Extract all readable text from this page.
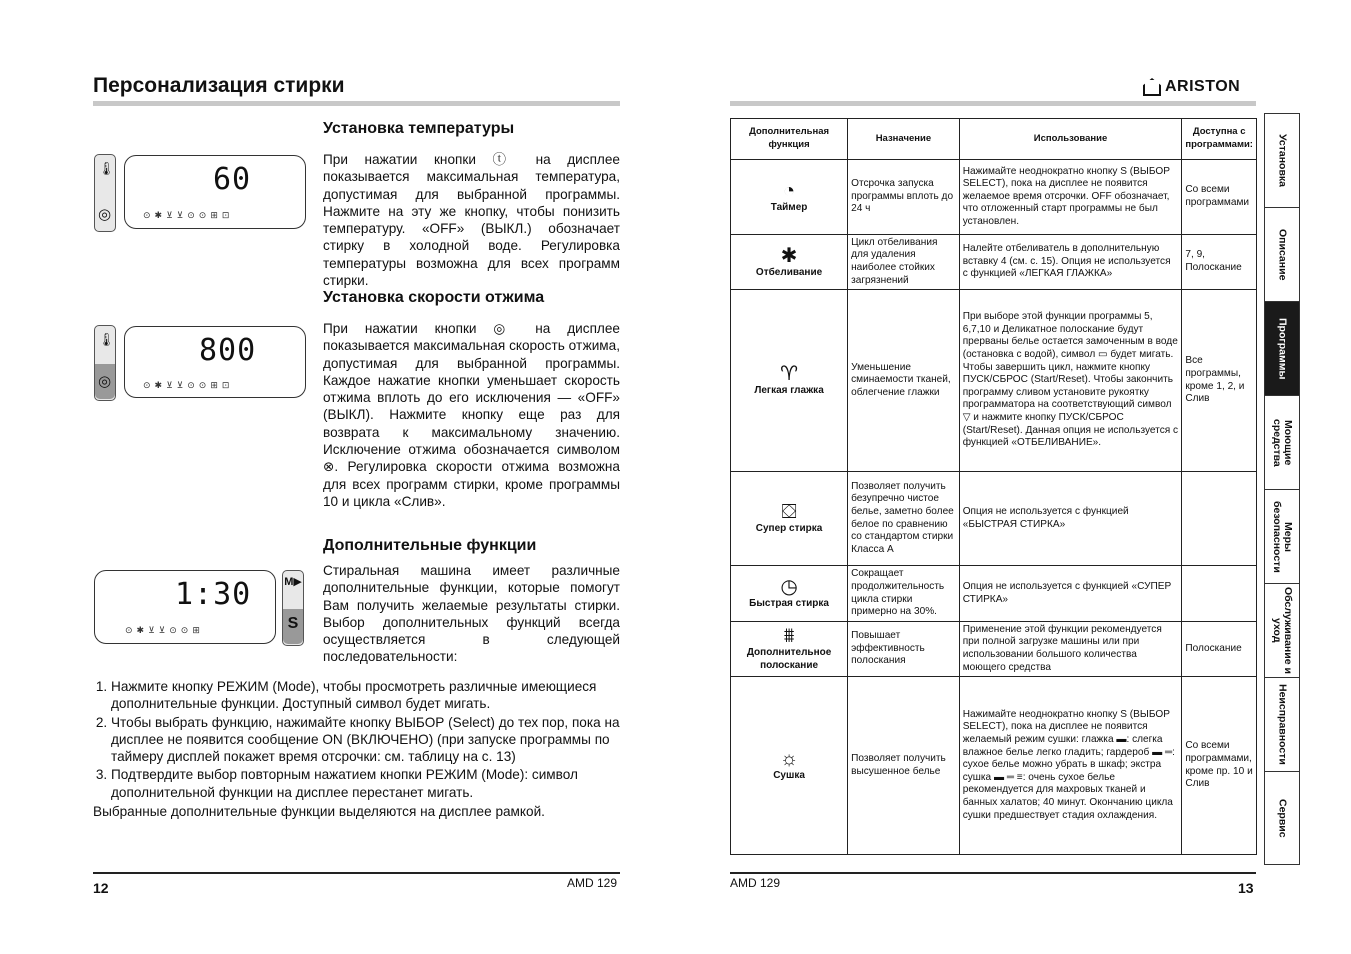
Персонализация стирки
Установка температуры
🌡
◎
60
⊙✱⊻⊻⊙⊙⊞⊡
При нажатии кнопки ⓣ на дисплее показывается максимальная температура, допустимая для выбранной программы. Нажмите на эту же кнопку, чтобы понизить температуру. «OFF» (ВЫКЛ.) обозначает стирку в холодной воде. Регулировка температуры возможна для всех программ стирки.
Установка скорости отжима
🌡
◎
800
⊙✱⊻⊻⊙⊙⊞⊡
При нажатии кнопки ◎ на дисплее показывается максимальная скорость отжима, допустимая для выбранной программы. Каждое нажатие кнопки уменьшает скорость отжима вплоть до его исключения — «OFF» (ВЫКЛ). Нажмите кнопку еще раз для возврата к максимальному значению. Исключение отжима обозначается символом ⊗. Регулировка скорости отжима возможна для всех программ стирки, кроме программы 10 и цикла «Слив».
Дополнительные функции
1:30
⊙✱⊻⊻⊙⊙⊞
M▶
S
Стиральная машина имеет различные дополнительные функции, которые помогут Вам получить желаемые результаты стирки. Выбор дополнительных функций всегда осуществляется в следующей последовательности:
1. Нажмите кнопку РЕЖИМ (Mode), чтобы просмотреть различные имеющиеся дополнительные функции. Доступный символ будет мигать.
2. Чтобы выбрать функцию, нажимайте кнопку ВЫБОР (Select) до тех пор, пока на дисплее не появится сообщение ON (ВКЛЮЧЕНО) (при запуске программы по таймеру дисплей покажет время отсрочки: см. таблицу на с. 13)
3. Подтвердите выбор повторным нажатием кнопки РЕЖИМ (Mode): символ дополнительной функции на дисплее перестанет мигать.
Выбранные дополнительные функции выделяются на дисплее рамкой.
12	AMD 129
ARISTON
Дополнительная функция	Назначение	Использование	Доступна с программами:

◔
Таймер	Отсрочка запуска программы вплоть до 24 ч	Нажимайте неоднократно кнопку S (ВЫБОР SELECT), пока на дисплее не появится желаемое время отсрочки. OFF обозначает, что отложенный старт программы не был установлен.	Со всеми программами

✱
Отбеливание	Цикл отбеливания для удаления наиболее стойких загрязнений	Налейте отбеливатель в дополнительную вставку 4 (см. с. 15). Опция не используется с функцией «ЛЕГКАЯ ГЛАЖКА»	7, 9, Полоскание

♈
Легкая глажка	Уменьшение сминаемости тканей, облегчение глажки	При выборе этой функции программы 5, 6,7,10 и Деликатное полоскание будут прерваны белье остается замоченным в воде (остановка с водой), символ ▭ будет мигать. Чтобы завершить цикл, нажмите кнопку ПУСК/СБРОС (Start/Reset). Чтобы закончить программу сливом установите рукоятку программатора на соответствующий символ ▽ и нажмите кнопку ПУСК/СБРОС (Start/Reset). Данная опция не используется с функцией «ОТБЕЛИВАНИЕ».	Все программы, кроме 1, 2, и Слив

⛋
Супер стирка	Позволяет получить безупречно чистое белье, заметно более белое по сравнению со стандартом стирки Класса А	Опция не используется с функцией «БЫСТРАЯ СТИРКА»	

◷
Быстрая стирка	Сокращает продолжительность цикла стирки примерно на 30%.	Опция не используется с функцией «СУПЕР СТИРКА»	

⩩
Дополнительное полоскание	Повышает эффективность полоскания	Применение этой функции рекомендуется при полной загрузке машины или при использовании большого количества моющего средства	Полоскание

☼
Сушка	Позволяет получить высушенное белье	Нажимайте неоднократно кнопку S (ВЫБОР SELECT), пока на дисплее не появится желаемый режим сушки: глажка ▬: слегка влажное белье легко гладить; гардероб ▬ ═: сухое белье можно убрать в шкаф; экстра сушка ▬ ═ ≡: очень сухое белье рекомендуется для махровых тканей и банных халатов; 40 минут. Окончанию цикла сушки предшествует стадия охлаждения.	Со всеми программами, кроме пр. 10 и Слив
Установка
Описание
Программы
Моющие средства
Меры безопасности
Обслуживание и уход
Неисправности
Сервис
AMD 129	13
